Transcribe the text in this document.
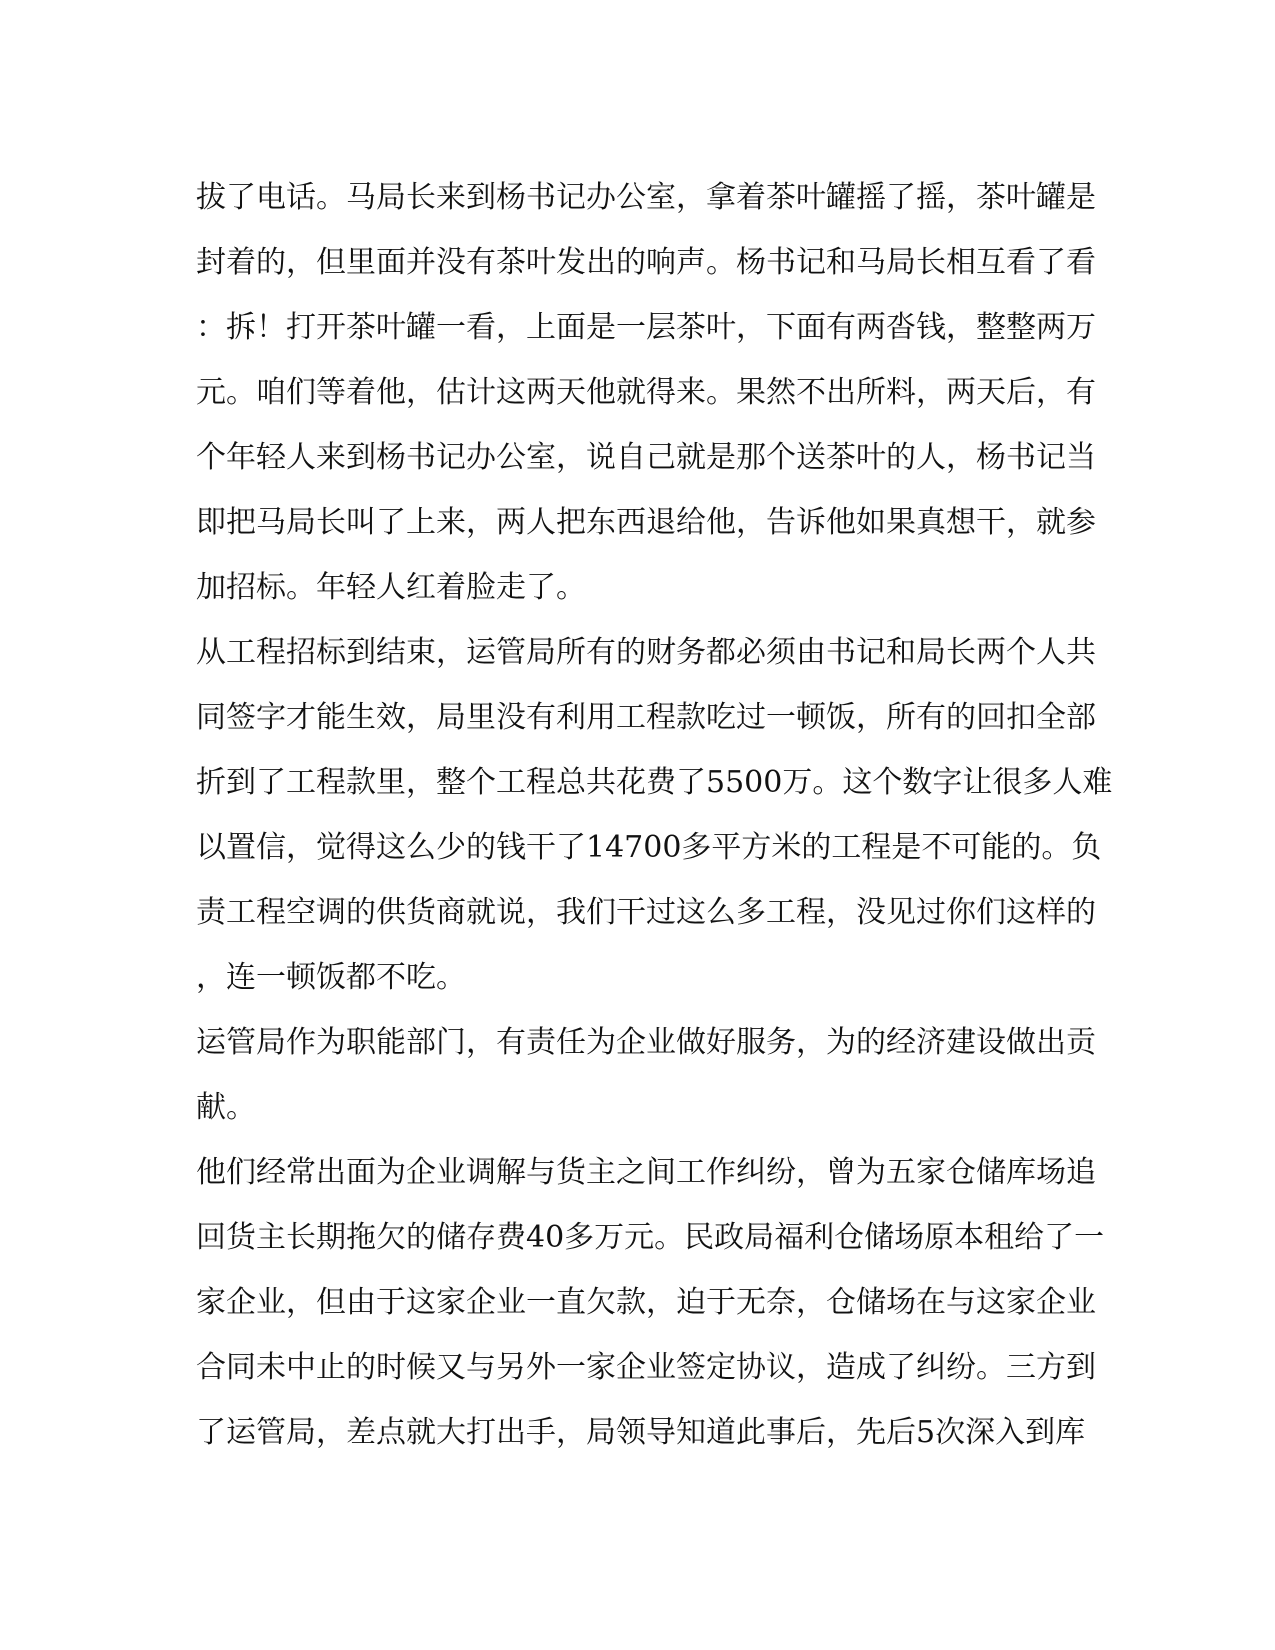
拔了电话。马局长来到杨书记办公室，拿着茶叶罐摇了摇，茶叶罐是
封着的，但里面并没有茶叶发出的响声。杨书记和马局长相互看了看
：拆！打开茶叶罐一看，上面是一层茶叶，下面有两沓钱，整整两万
元。咱们等着他，估计这两天他就得来。果然不出所料，两天后，有
个年轻人来到杨书记办公室，说自己就是那个送茶叶的人，杨书记当
即把马局长叫了上来，两人把东西退给他，告诉他如果真想干，就参
加招标。年轻人红着脸走了。

从工程招标到结束，运管局所有的财务都必须由书记和局长两个人共
同签字才能生效，局里没有利用工程款吃过一顿饭，所有的回扣全部
折到了工程款里，整个工程总共花费了5500万。这个数字让很多人难
以置信，觉得这么少的钱干了14700多平方米的工程是不可能的。负
责工程空调的供货商就说，我们干过这么多工程，没见过你们这样的
，连一顿饭都不吃。

运管局作为职能部门，有责任为企业做好服务，为的经济建设做出贡
献。

他们经常出面为企业调解与货主之间工作纠纷，曾为五家仓储库场追
回货主长期拖欠的储存费40多万元。民政局福利仓储场原本租给了一
家企业，但由于这家企业一直欠款，迫于无奈，仓储场在与这家企业
合同未中止的时候又与另外一家企业签定协议，造成了纠纷。三方到
了运管局，差点就大打出手，局领导知道此事后，先后5次深入到库
